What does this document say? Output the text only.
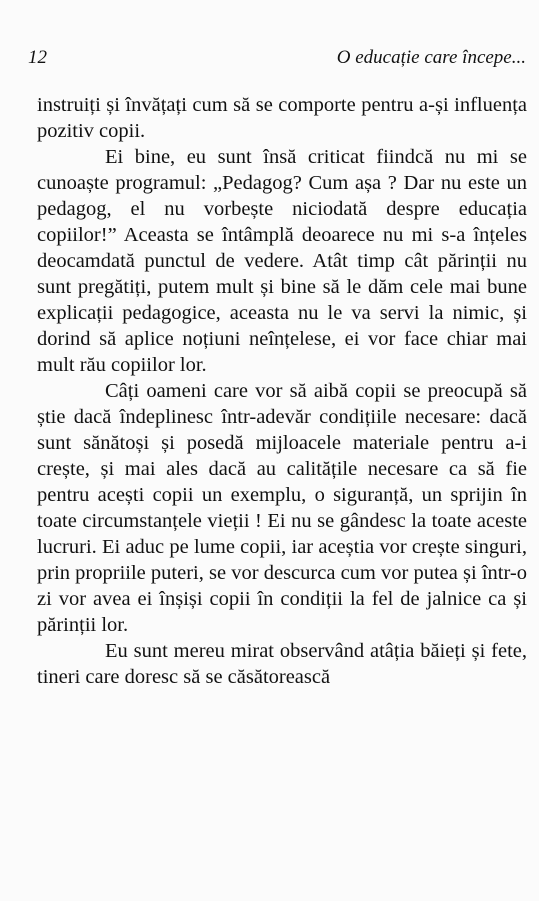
12	O educație care începe...

instruiți și învățați cum să se comporte pentru a-și influența pozitiv copii.

Ei bine, eu sunt însă criticat fiindcă nu mi se cunoaște programul: „Pedagog? Cum așa ? Dar nu este un pedagog, el nu vorbește niciodată despre educația copiilor!” Aceasta se întâmplă deoarece nu mi s-a înțeles deocamdată punctul de vedere. Atât timp cât părinții nu sunt pregătiți, putem mult și bine să le dăm cele mai bune explicații pedagogice, aceasta nu le va servi la nimic, și dorind să aplice noțiuni neînțelese, ei vor face chiar mai mult rău copiilor lor.

Câți oameni care vor să aibă copii se preocupă să știe dacă îndeplinesc într-adevăr condițiile necesare: dacă sunt sănătoși și posedă mijloacele materiale pentru a-i crește, și mai ales dacă au calitățile necesare ca să fie pentru acești copii un exemplu, o siguranță, un sprijin în toate circumstanțele vieții ! Ei nu se gândesc la toate aceste lucruri. Ei aduc pe lume copii, iar aceștia vor crește singuri, prin propriile puteri, se vor descurca cum vor putea și într-o zi vor avea ei înșiși copii în condiții la fel de jalnice ca și părinții lor.

Eu sunt mereu mirat observând atâția băieți și fete, tineri care doresc să se căsătorească
